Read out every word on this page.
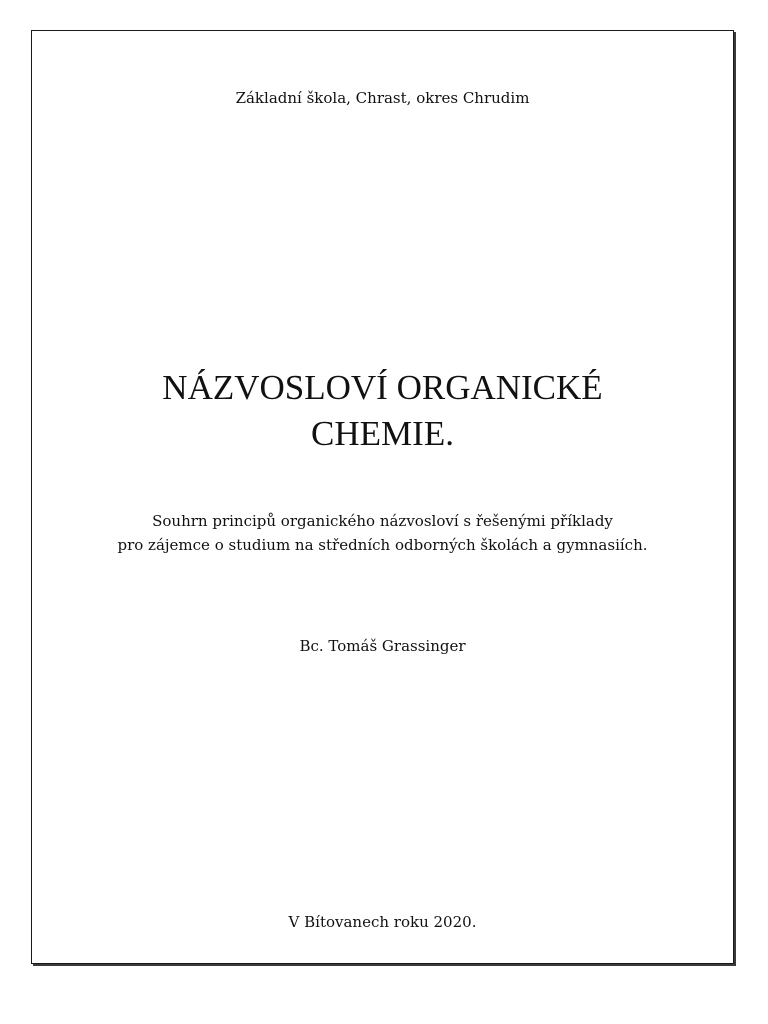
Základní škola, Chrast, okres Chrudim
NÁZVOSLOVÍ ORGANICKÉ
CHEMIE.
Souhrn principů organického názvosloví s řešenými příklady
pro zájemce o studium na středních odborných školách a gymnasiích.
Bc. Tomáš Grassinger
V Bítovanech roku 2020.
